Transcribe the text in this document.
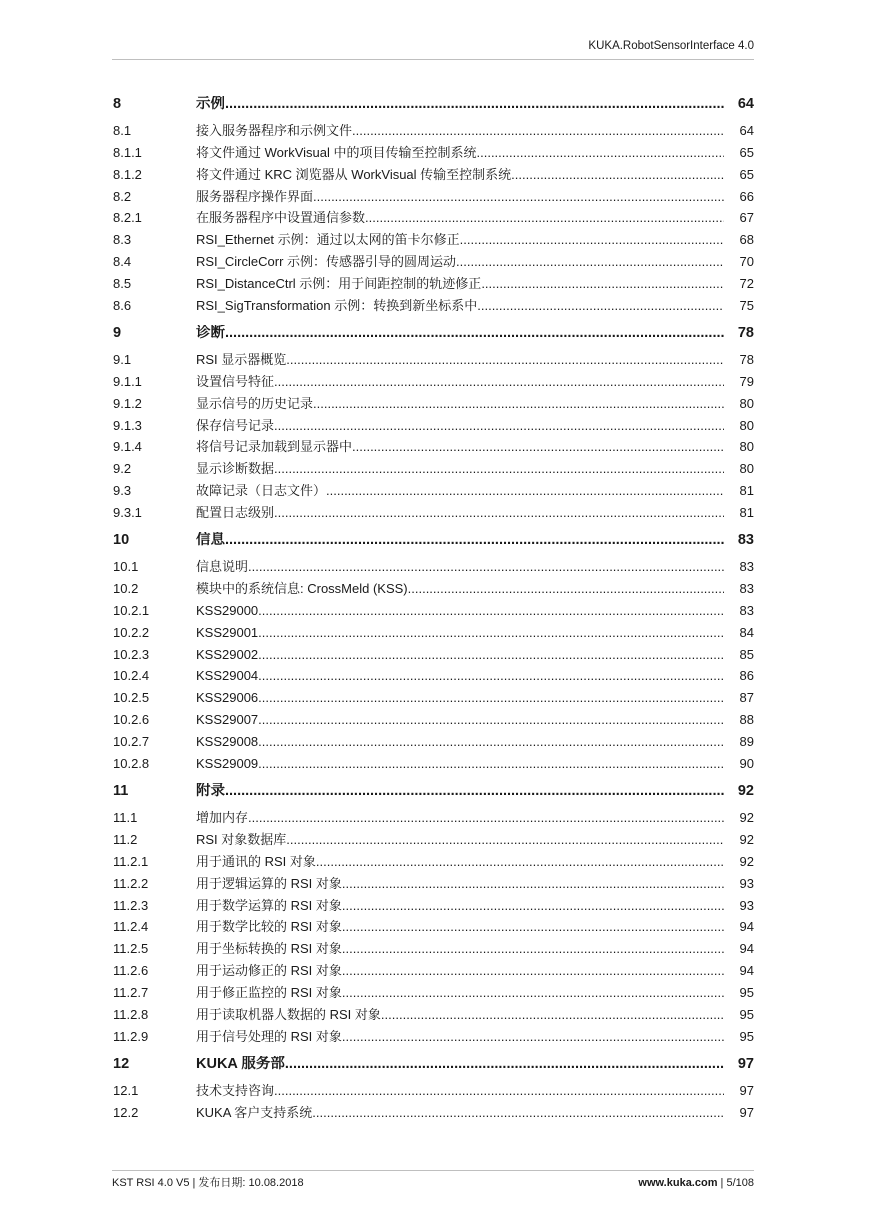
KUKA.RobotSensorInterface 4.0
8	示例 .....	64
8.1	接入服务器程序和示例文件 .....	64
8.1.1	将文件通过 WorkVisual 中的项目传输至控制系统 .....	65
8.1.2	将文件通过 KRC 浏览器从 WorkVisual 传输至控制系统 .....	65
8.2	服务器程序操作界面 .....	66
8.2.1	在服务器程序中设置通信参数 .....	67
8.3	RSI_Ethernet 示例：通过以太网的笛卡尔修正 .....	68
8.4	RSI_CircleCorr 示例：传感器引导的圆周运动 .....	70
8.5	RSI_DistanceCtrl 示例：用于间距控制的轨迹修正 .....	72
8.6	RSI_SigTransformation 示例：转换到新坐标系中 .....	75
9	诊断 .....	78
9.1	RSI 显示器概览 .....	78
9.1.1	设置信号特征 .....	79
9.1.2	显示信号的历史记录 .....	80
9.1.3	保存信号记录 .....	80
9.1.4	将信号记录加载到显示器中 .....	80
9.2	显示诊断数据 .....	80
9.3	故障记录（日志文件） .....	81
9.3.1	配置日志级别 .....	81
10	信息 .....	83
10.1	信息说明 .....	83
10.2	模块中的系统信息: CrossMeld (KSS) .....	83
10.2.1	KSS29000 .....	83
10.2.2	KSS29001 .....	84
10.2.3	KSS29002 .....	85
10.2.4	KSS29004 .....	86
10.2.5	KSS29006 .....	87
10.2.6	KSS29007 .....	88
10.2.7	KSS29008 .....	89
10.2.8	KSS29009 .....	90
11	附录 .....	92
11.1	增加内存 .....	92
11.2	RSI 对象数据库 .....	92
11.2.1	用于通讯的 RSI 对象 .....	92
11.2.2	用于逻辑运算的 RSI 对象 .....	93
11.2.3	用于数学运算的 RSI 对象 .....	93
11.2.4	用于数学比较的 RSI 对象 .....	94
11.2.5	用于坐标转换的 RSI 对象 .....	94
11.2.6	用于运动修正的 RSI 对象 .....	94
11.2.7	用于修正监控的 RSI 对象 .....	95
11.2.8	用于读取机器人数据的 RSI 对象 .....	95
11.2.9	用于信号处理的 RSI 对象 .....	95
12	KUKA 服务部 .....	97
12.1	技术支持咨询 .....	97
12.2	KUKA 客户支持系统 .....	97
KST RSI 4.0 V5 | 发布日期: 10.08.2018	www.kuka.com | 5/108
